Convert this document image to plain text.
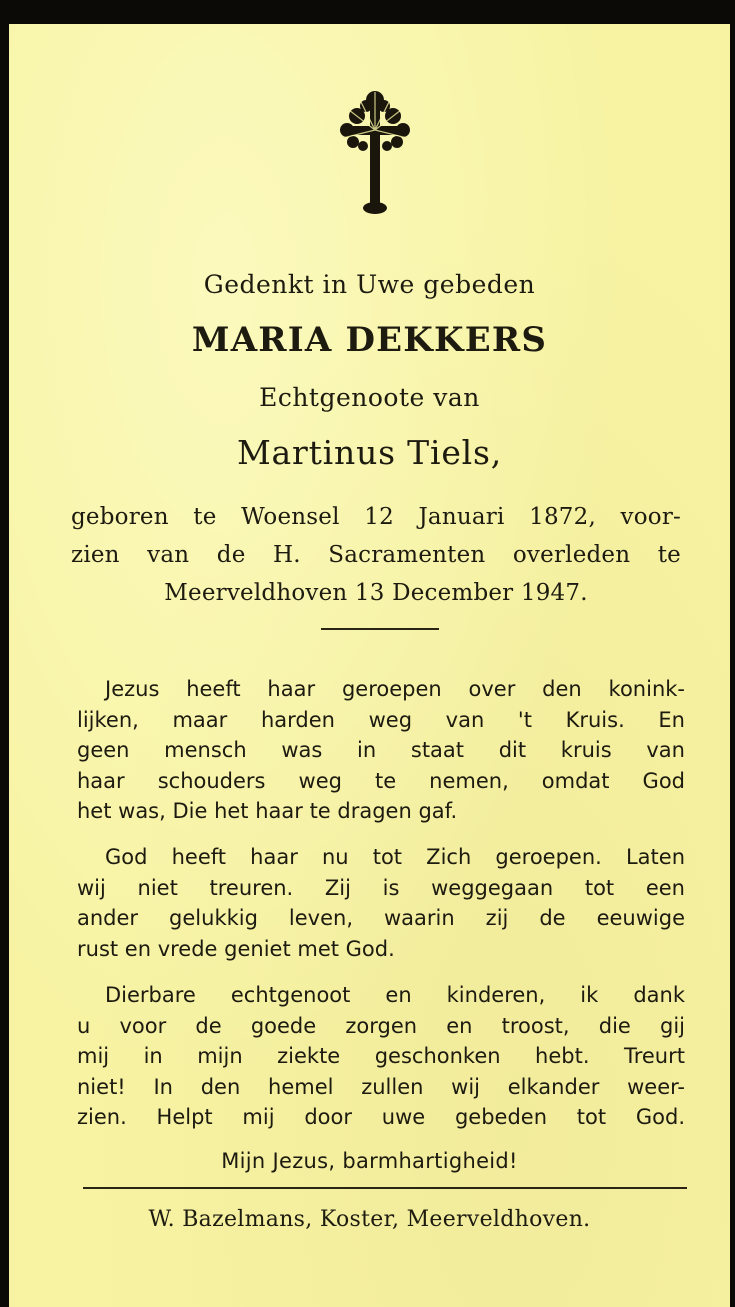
Gedenkt in Uwe gebeden
MARIA DEKKERS
Echtgenoote van
Martinus Tiels,
geboren te Woensel 12 Januari 1872, voor-
zien van de H. Sacramenten overleden te
Meerveldhoven 13 December 1947.
Jezus heeft haar geroepen over den konink-
lijken, maar harden weg van 't Kruis. En
geen mensch was in staat dit kruis van
haar schouders weg te nemen, omdat God
het was, Die het haar te dragen gaf.
God heeft haar nu tot Zich geroepen. Laten
wij niet treuren. Zij is weggegaan tot een
ander gelukkig leven, waarin zij de eeuwige
rust en vrede geniet met God.
Dierbare echtgenoot en kinderen, ik dank
u voor de goede zorgen en troost, die gij
mij in mijn ziekte geschonken hebt. Treurt
niet! In den hemel zullen wij elkander weer-
zien. Helpt mij door uwe gebeden tot God.
Mijn Jezus, barmhartigheid!
W. Bazelmans, Koster, Meerveldhoven.
